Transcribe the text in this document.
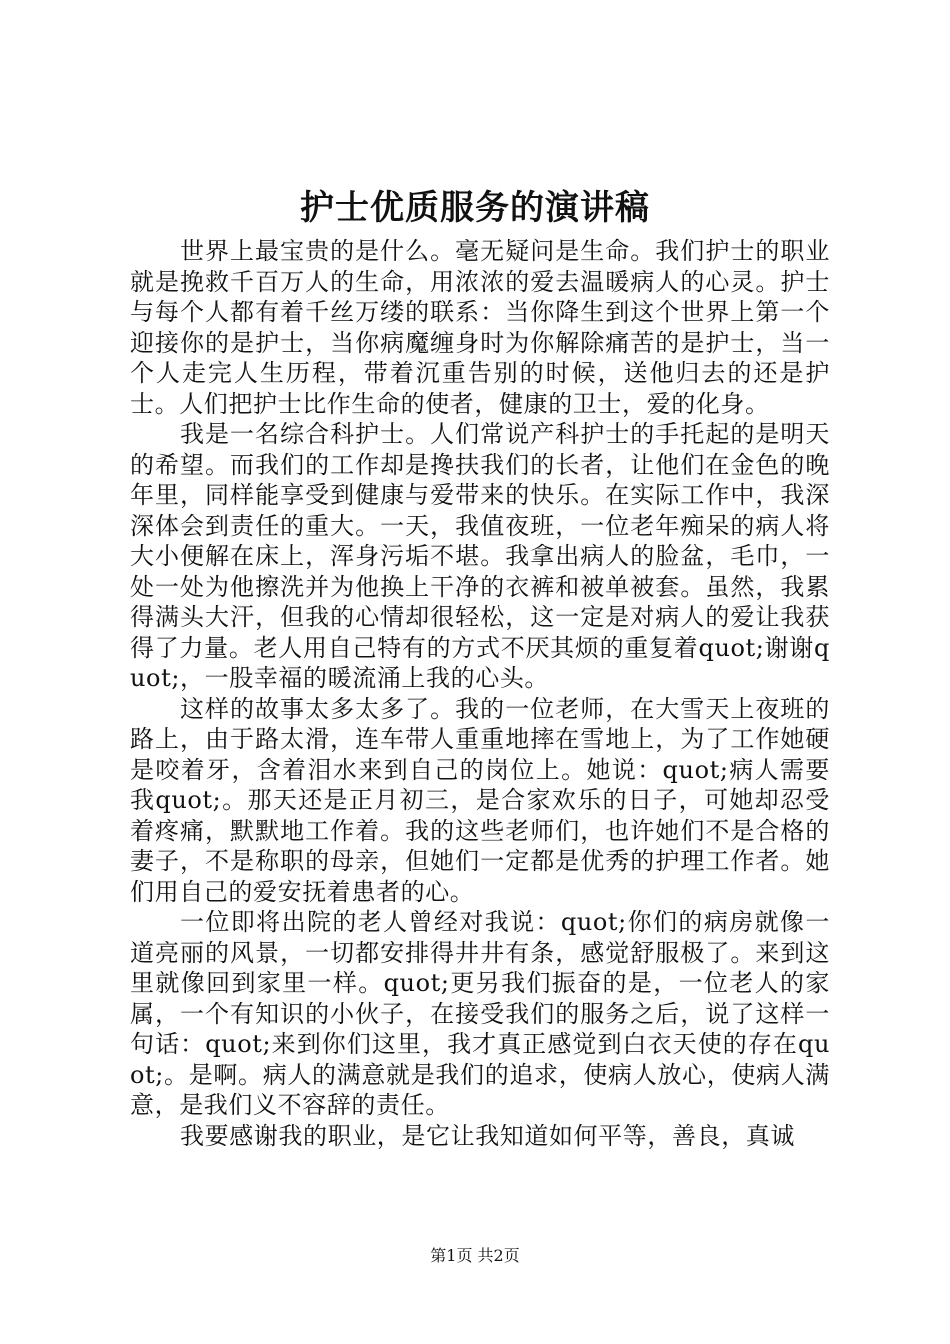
护士优质服务的演讲稿

世界上最宝贵的是什么。毫无疑问是生命。我们护士的职业就是挽救千百万人的生命，用浓浓的爱去温暖病人的心灵。护士与每个人都有着千丝万缕的联系：当你降生到这个世界上第一个迎接你的是护士，当你病魔缠身时为你解除痛苦的是护士，当一个人走完人生历程，带着沉重告别的时候，送他归去的还是护士。人们把护士比作生命的使者，健康的卫士，爱的化身。

我是一名综合科护士。人们常说产科护士的手托起的是明天的希望。而我们的工作却是搀扶我们的长者，让他们在金色的晚年里，同样能享受到健康与爱带来的快乐。在实际工作中，我深深体会到责任的重大。一天，我值夜班，一位老年痴呆的病人将大小便解在床上，浑身污垢不堪。我拿出病人的脸盆，毛巾，一处一处为他擦洗并为他换上干净的衣裤和被单被套。虽然，我累得满头大汗，但我的心情却很轻松，这一定是对病人的爱让我获得了力量。老人用自己特有的方式不厌其烦的重复着quot;谢谢quot;，一股幸福的暖流涌上我的心头。

这样的故事太多太多了。我的一位老师，在大雪天上夜班的路上，由于路太滑，连车带人重重地摔在雪地上，为了工作她硬是咬着牙，含着泪水来到自己的岗位上。她说：quot;病人需要我quot;。那天还是正月初三，是合家欢乐的日子，可她却忍受着疼痛，默默地工作着。我的这些老师们，也许她们不是合格的妻子，不是称职的母亲，但她们一定都是优秀的护理工作者。她们用自己的爱安抚着患者的心。

一位即将出院的老人曾经对我说：quot;你们的病房就像一道亮丽的风景，一切都安排得井井有条，感觉舒服极了。来到这里就像回到家里一样。quot;更另我们振奋的是，一位老人的家属，一个有知识的小伙子，在接受我们的服务之后，说了这样一句话：quot;来到你们这里，我才真正感觉到白衣天使的存在quot;。是啊。病人的满意就是我们的追求，使病人放心，使病人满意，是我们义不容辞的责任。

我要感谢我的职业，是它让我知道如何平等，善良，真诚

第1页 共2页
